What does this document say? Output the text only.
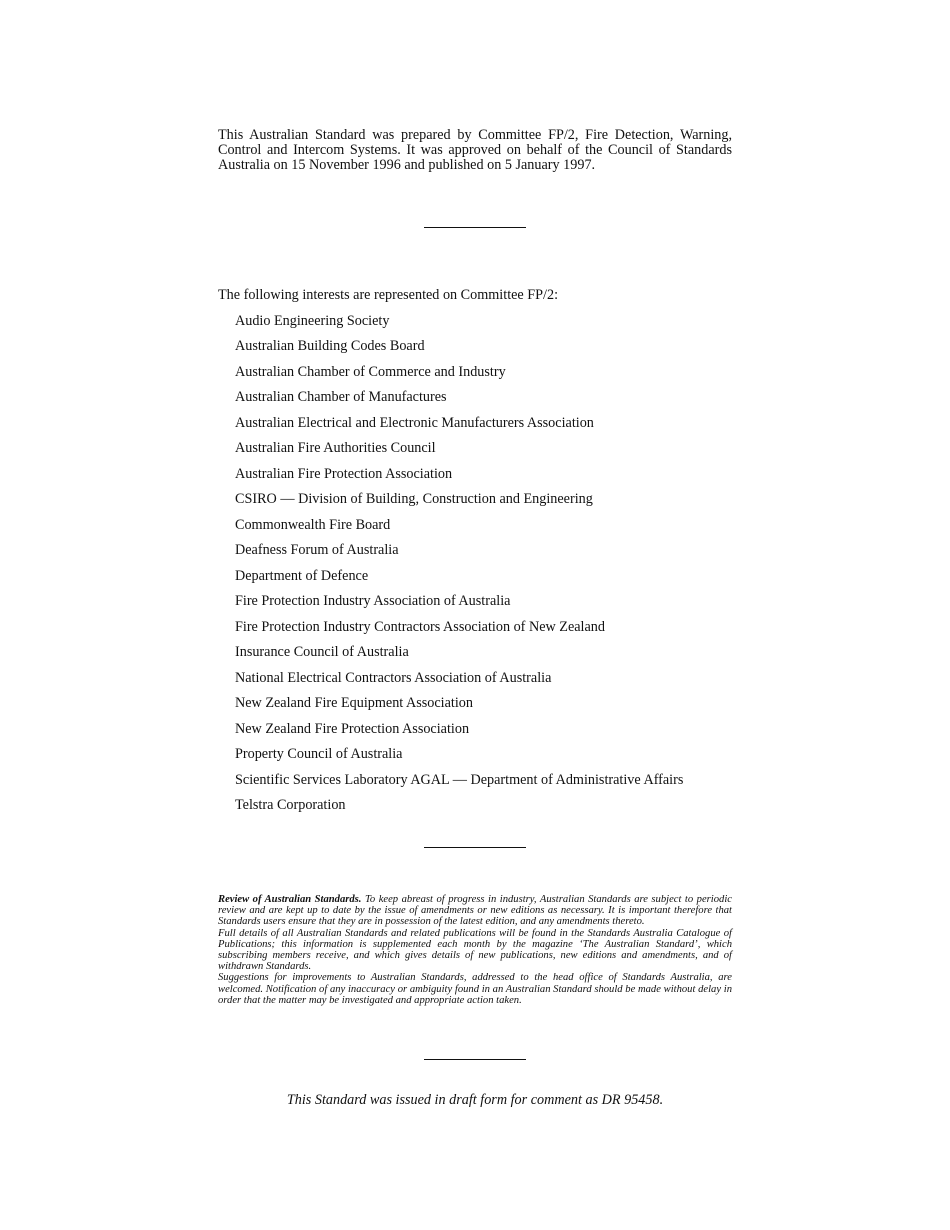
This Australian Standard was prepared by Committee FP/2, Fire Detection, Warning, Control and Intercom Systems. It was approved on behalf of the Council of Standards Australia on 15 November 1996 and published on 5 January 1997.

The following interests are represented on Committee FP/2:

Audio Engineering Society
Australian Building Codes Board
Australian Chamber of Commerce and Industry
Australian Chamber of Manufactures
Australian Electrical and Electronic Manufacturers Association
Australian Fire Authorities Council
Australian Fire Protection Association
CSIRO — Division of Building, Construction and Engineering
Commonwealth Fire Board
Deafness Forum of Australia
Department of Defence
Fire Protection Industry Association of Australia
Fire Protection Industry Contractors Association of New Zealand
Insurance Council of Australia
National Electrical Contractors Association of Australia
New Zealand Fire Equipment Association
New Zealand Fire Protection Association
Property Council of Australia
Scientific Services Laboratory AGAL — Department of Administrative Affairs
Telstra Corporation

Review of Australian Standards. To keep abreast of progress in industry, Australian Standards are subject to periodic review and are kept up to date by the issue of amendments or new editions as necessary. It is important therefore that Standards users ensure that they are in possession of the latest edition, and any amendments thereto.

Full details of all Australian Standards and related publications will be found in the Standards Australia Catalogue of Publications; this information is supplemented each month by the magazine ‘The Australian Standard’, which subscribing members receive, and which gives details of new publications, new editions and amendments, and of withdrawn Standards.

Suggestions for improvements to Australian Standards, addressed to the head office of Standards Australia, are welcomed. Notification of any inaccuracy or ambiguity found in an Australian Standard should be made without delay in order that the matter may be investigated and appropriate action taken.

This Standard was issued in draft form for comment as DR 95458.
